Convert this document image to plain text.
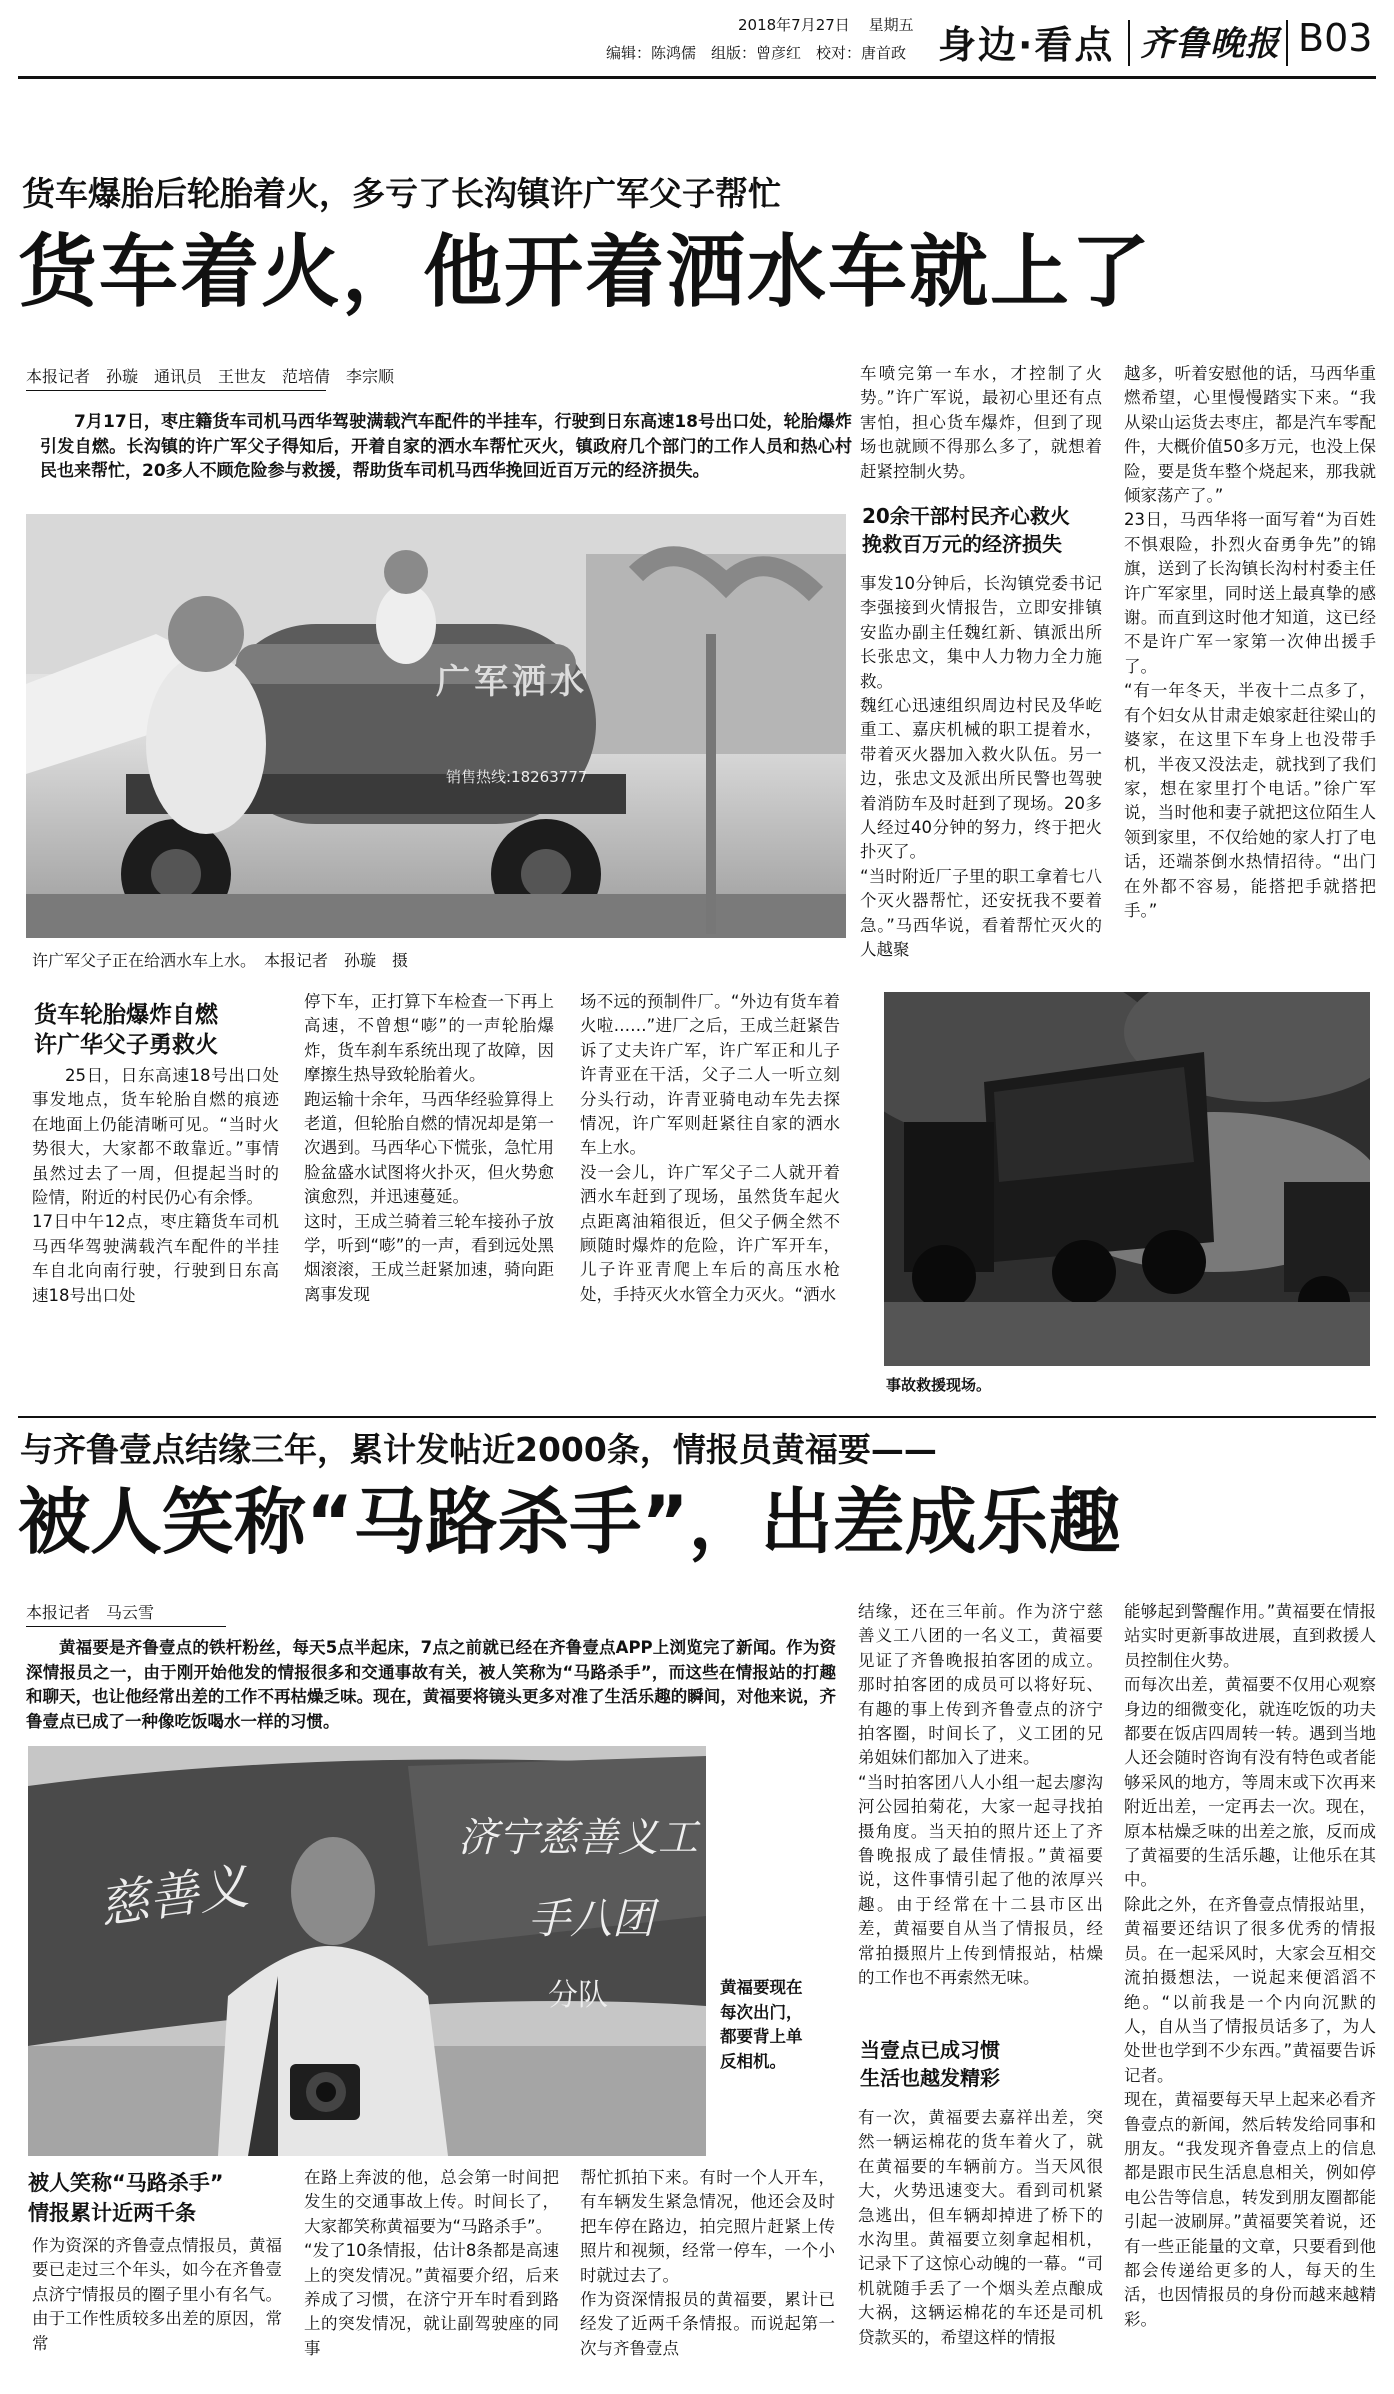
2018年7月27日 星期五
编辑：陈鸿儒　组版：曾彦红　校对：唐首政 身边·看点 齐鲁晚报 B03
货车爆胎后轮胎着火，多亏了长沟镇许广军父子帮忙
货车着火，他开着洒水车就上了
本报记者　孙璇　通讯员　王世友　范培倩　李宗顺
7月17日，枣庄籍货车司机马西华驾驶满载汽车配件的半挂车，行驶到日东高速18号出口处，轮胎爆炸引发自燃。长沟镇的许广军父子得知后，开着自家的洒水车帮忙灭火，镇政府几个部门的工作人员和热心村民也来帮忙，20多人不顾危险参与救援，帮助货车司机马西华挽回近百万元的经济损失。
广军洒水
销售热线:18263777
许广军父子正在给洒水车上水。　本报记者　孙璇　摄
货车轮胎爆炸自燃
许广华父子勇救火
25日，日东高速18号出口处事发地点，货车轮胎自燃的痕迹在地面上仍能清晰可见。“当时火势很大，大家都不敢靠近。”事情虽然过去了一周，但提起当时的险情，附近的村民仍心有余悸。
17日中午12点，枣庄籍货车司机马西华驾驶满载汽车配件的半挂车自北向南行驶，行驶到日东高速18号出口处
停下车，正打算下车检查一下再上高速，不曾想“嘭”的一声轮胎爆炸，货车刹车系统出现了故障，因摩擦生热导致轮胎着火。
跑运输十余年，马西华经验算得上老道，但轮胎自燃的情况却是第一次遇到。马西华心下慌张，急忙用脸盆盛水试图将火扑灭，但火势愈演愈烈，并迅速蔓延。
这时，王成兰骑着三轮车接孙子放学，听到“嘭”的一声，看到远处黑烟滚滚，王成兰赶紧加速，骑向距离事发现
场不远的预制件厂。“外边有货车着火啦……”进厂之后，王成兰赶紧告诉了丈夫许广军，许广军正和儿子许青亚在干活，父子二人一听立刻分头行动，许青亚骑电动车先去探情况，许广军则赶紧往自家的洒水车上水。
没一会儿，许广军父子二人就开着洒水车赶到了现场，虽然货车起火点距离油箱很近，但父子俩全然不顾随时爆炸的危险，许广军开车，儿子许亚青爬上车后的高压水枪处，手持灭火水管全力灭火。“洒水
车喷完第一车水，才控制了火势。”许广军说，最初心里还有点害怕，担心货车爆炸，但到了现场也就顾不得那么多了，就想着赶紧控制火势。
20余干部村民齐心救火
挽救百万元的经济损失
事发10分钟后，长沟镇党委书记李强接到火情报告，立即安排镇安监办副主任魏红新、镇派出所长张忠文，集中人力物力全力施救。
魏红心迅速组织周边村民及华屹重工、嘉庆机械的职工提着水，带着灭火器加入救火队伍。另一边，张忠文及派出所民警也驾驶着消防车及时赶到了现场。20多人经过40分钟的努力，终于把火扑灭了。
“当时附近厂子里的职工拿着七八个灭火器帮忙，还安抚我不要着急。”马西华说，看着帮忙灭火的人越聚
越多，听着安慰他的话，马西华重燃希望，心里慢慢踏实下来。“我从梁山运货去枣庄，都是汽车零配件，大概价值50多万元，也没上保险，要是货车整个烧起来，那我就倾家荡产了。”
23日，马西华将一面写着“为百姓不惧艰险，扑烈火奋勇争先”的锦旗，送到了长沟镇长沟村村委主任许广军家里，同时送上最真挚的感谢。而直到这时他才知道，这已经不是许广军一家第一次伸出援手了。
“有一年冬天，半夜十二点多了，有个妇女从甘肃走娘家赶往梁山的婆家，在这里下车身上也没带手机，半夜又没法走，就找到了我们家，想在家里打个电话。”徐广军说，当时他和妻子就把这位陌生人领到家里，不仅给她的家人打了电话，还端茶倒水热情招待。“出门在外都不容易，能搭把手就搭把手。”
事故救援现场。
与齐鲁壹点结缘三年，累计发帖近2000条，情报员黄福要——
被人笑称“马路杀手”，出差成乐趣
本报记者　马云雪
黄福要是齐鲁壹点的铁杆粉丝，每天5点半起床，7点之前就已经在齐鲁壹点APP上浏览完了新闻。作为资深情报员之一，由于刚开始他发的情报很多和交通事故有关，被人笑称为“马路杀手”，而这些在情报站的打趣和聊天，也让他经常出差的工作不再枯燥乏味。现在，黄福要将镜头更多对准了生活乐趣的瞬间，对他来说，齐鲁壹点已成了一种像吃饭喝水一样的习惯。
济宁慈善义工
手八团
慈善义
分队	黄福要现在每次出门，都要背上单反相机。
被人笑称“马路杀手”
情报累计近两千条
作为资深的齐鲁壹点情报员，黄福要已走过三个年头，如今在齐鲁壹点济宁情报员的圈子里小有名气。由于工作性质较多出差的原因，常常
在路上奔波的他，总会第一时间把发生的交通事故上传。时间长了，大家都笑称黄福要为“马路杀手”。
“发了10条情报，估计8条都是高速上的突发情况。”黄福要介绍，后来养成了习惯，在济宁开车时看到路上的突发情况，就让副驾驶座的同事
帮忙抓拍下来。有时一个人开车，有车辆发生紧急情况，他还会及时把车停在路边，拍完照片赶紧上传照片和视频，经常一停车，一个小时就过去了。
作为资深情报员的黄福要，累计已经发了近两千条情报。而说起第一次与齐鲁壹点
结缘，还在三年前。作为济宁慈善义工八团的一名义工，黄福要见证了齐鲁晚报拍客团的成立。那时拍客团的成员可以将好玩、有趣的事上传到齐鲁壹点的济宁拍客圈，时间长了，义工团的兄弟姐妹们都加入了进来。
“当时拍客团八人小组一起去廖沟河公园拍菊花，大家一起寻找拍摄角度。当天拍的照片还上了齐鲁晚报成了最佳情报。”黄福要说，这件事情引起了他的浓厚兴趣。由于经常在十二县市区出差，黄福要自从当了情报员，经常拍摄照片上传到情报站，枯燥的工作也不再索然无味。
当壹点已成习惯
生活也越发精彩
有一次，黄福要去嘉祥出差，突然一辆运棉花的货车着火了，就在黄福要的车辆前方。当天风很大，火势迅速变大。看到司机紧急逃出，但车辆却掉进了桥下的水沟里。黄福要立刻拿起相机，记录下了这惊心动魄的一幕。“司机就随手丢了一个烟头差点酿成大祸，这辆运棉花的车还是司机贷款买的，希望这样的情报
能够起到警醒作用。”黄福要在情报站实时更新事故进展，直到救援人员控制住火势。
而每次出差，黄福要不仅用心观察身边的细微变化，就连吃饭的功夫都要在饭店四周转一转。遇到当地人还会随时咨询有没有特色或者能够采风的地方，等周末或下次再来附近出差，一定再去一次。现在，原本枯燥乏味的出差之旅，反而成了黄福要的生活乐趣，让他乐在其中。
除此之外，在齐鲁壹点情报站里，黄福要还结识了很多优秀的情报员。在一起采风时，大家会互相交流拍摄想法，一说起来便滔滔不绝。“以前我是一个内向沉默的人，自从当了情报员话多了，为人处世也学到不少东西。”黄福要告诉记者。
现在，黄福要每天早上起来必看齐鲁壹点的新闻，然后转发给同事和朋友。“我发现齐鲁壹点上的信息都是跟市民生活息息相关，例如停电公告等信息，转发到朋友圈都能引起一波刷屏。”黄福要笑着说，还有一些正能量的文章，只要看到他都会传递给更多的人，每天的生活，也因情报员的身份而越来越精彩。
